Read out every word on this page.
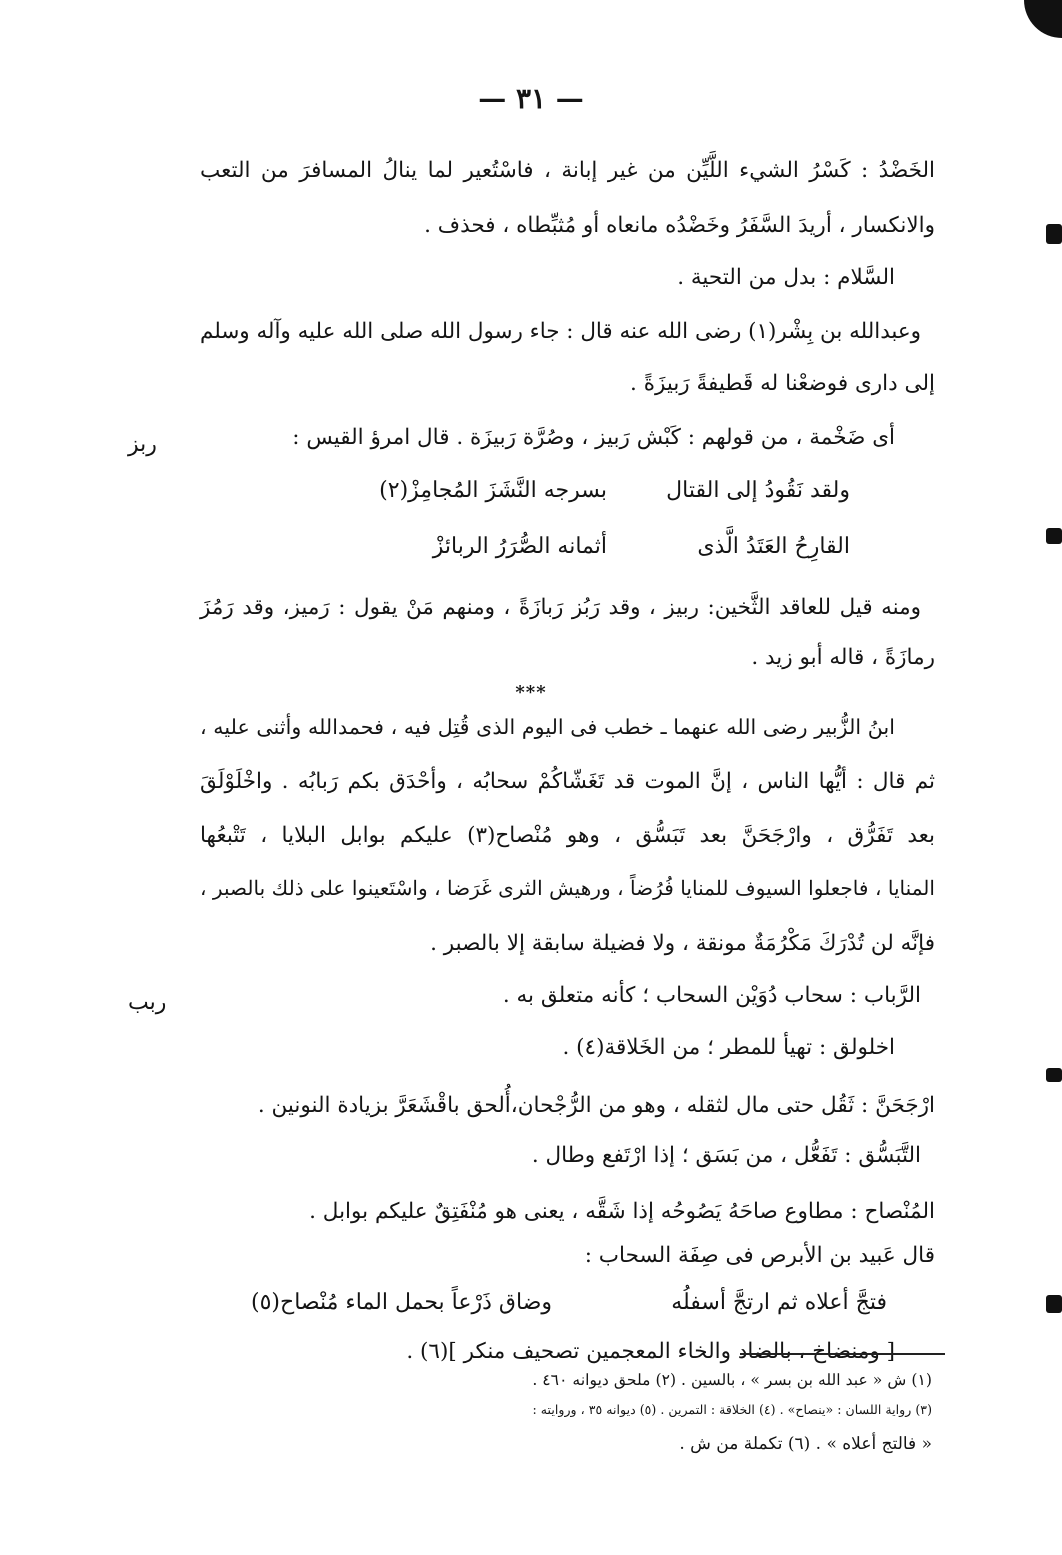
— ٣١ —
الخَضْدُ : كَسْرُ الشيء اللَّيِّن من غير إبانة ، فاسْتُعير لما ينالُ المسافرَ من التعب
والانكسار ، أريدَ السَّفَرُ وخَضْدُه مانعاه أو مُثبِّطاه ، فحذف .
السَّلام : بدل من التحية .
وعبدالله بن بِشْر(١) رضى الله عنه قال : جاء رسول الله صلى الله عليه وآله وسلم
إلى دارى فوضعْنا له قَطيفةً رَبيزَةً .
أى ضَخْمة ، من قولهم : كَبْش رَبيز ، وصُرَّة رَبيزَة . قال امرؤ القيس :
ومنه قيل للعاقد الثَّخين: ربيز ، وقد رَبُز رَبازَةً ، ومنهم مَنْ يقول : رَميز، وقد رَمُزَ
رمازَةً ، قاله أبو زيد .
ابنُ الزُّبير رضى الله عنهما ـ خطب فى اليوم الذى قُتِل فيه ، فحمدالله وأثنى عليه ،
ثم قال : أيُّها الناس ، إنَّ الموت قد تَغَشّاكُمْ سحابُه ، وأحْدَق بكم رَبابُه . واخْلَوْلَقَ
بعد تَفَرُّق ، وارْجَحَنَّ بعد تَبَسُّق ، وهو مُنْصاح(٣) عليكم بوابل البلايا ، تَتْبعُها
المنايا ، فاجعلوا السيوف للمنايا فُرُضاً ، ورهيش الثرى غَرَضا ، واسْتَعينوا على ذلك بالصبر ،
فإنَّه لن تُدْرَكَ مَكْرُمَةٌ مونقة ، ولا فضيلة سابقة إلا بالصبر .
الرَّباب : سحاب دُوَيْن السحاب ؛ كأنه متعلق به .
اخلولق : تهيأ للمطر ؛ من الخَلاقة(٤) .
ارْجَحَنَّ : ثَقُل حتى مال لثقله ، وهو من الرُّجْحان،أُلحق باقْشَعَرَّ بزيادة النونين .
التَّبَسُّق : تَفَعُّل ، من بَسَق ؛ إذا ارْتَفع وطال .
المُنْصاح : مطاوع صاحَهُ يَصُوحُه إذا شَقَّه ، يعنى هو مُنْفَتِقٌ عليكم بوابل .
قال عَبيد بن الأبرص فى صِفَة السحاب :
[ ومنضاخ ، بالضاد والخاء المعجمين تصحيف منكر ](٦) .
ربز
ربب
ولقد نَقُودُ إلى القتال
بسرجه النَّشَزَ المُجامِزْ(٢)
القارِحُ العَتَدُ الَّذى
أثمانه الصُّرَرُ الربائزْ
***
فتجَّ أعلاه ثم ارتجَّ أسفلُه
وضاق ذَرْعاً بحمل الماء مُنْصاح(٥)
(١) ش « عبد الله بن بسر » ، بالسين . (٢) ملحق ديوانه ٤٦٠ .
(٣) رواية اللسان : «ينصاح» . (٤) الخلاقة : التمرين . (٥) ديوانه ٣٥ ، وروايته :
« فالتج أعلاه » . (٦) تكملة من ش .
